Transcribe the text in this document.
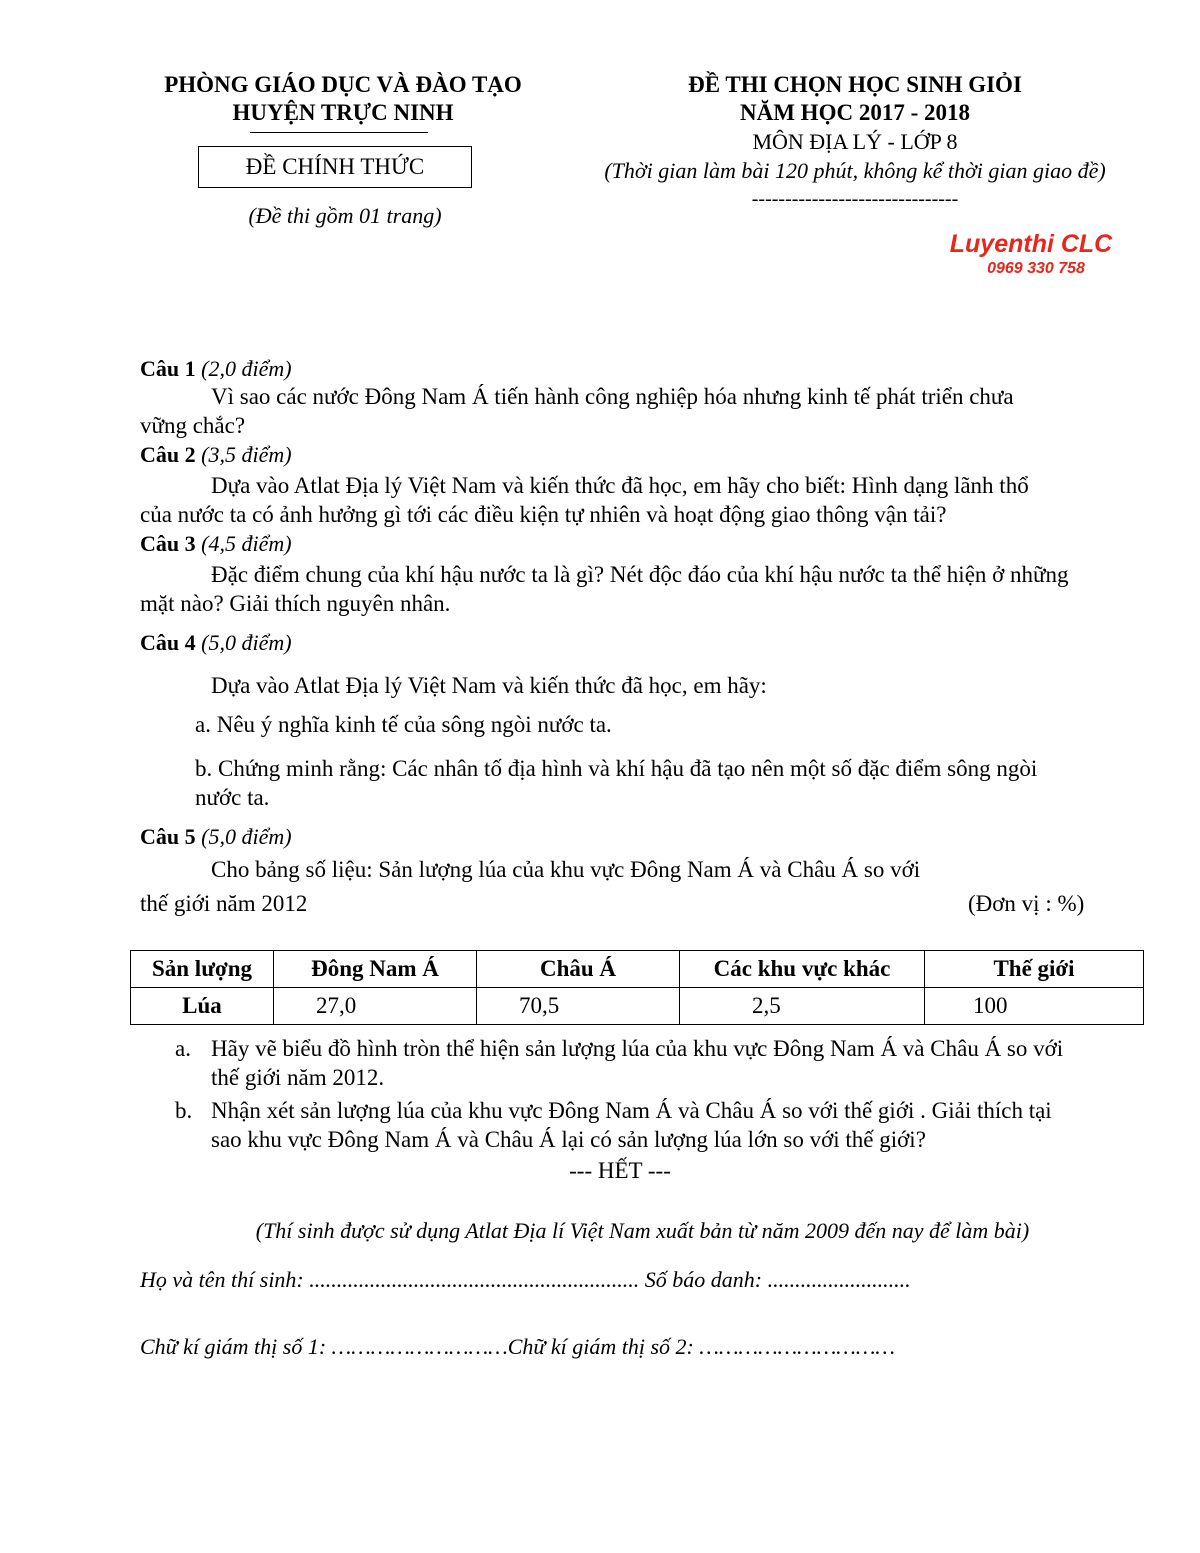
PHÒNG GIÁO DỤC VÀ ĐÀO TẠO
HUYỆN TRỰC NINH
ĐỀ CHÍNH THỨC
(Đề thi gồm 01 trang)
ĐỀ THI CHỌN HỌC SINH GIỎI
NĂM HỌC 2017 - 2018
MÔN ĐỊA LÝ - LỚP 8
(Thời gian làm bài 120 phút, không kể thời gian giao đề)
-------------------------------
Luyenthi CLC
0969 330 758
Câu 1 (2,0 điểm)
Vì sao các nước Đông Nam Á tiến hành công nghiệp hóa nhưng kinh tế phát triển chưa
vững chắc?
Câu 2 (3,5 điểm)
Dựa vào Atlat Địa lý Việt Nam và kiến thức đã học, em hãy cho biết: Hình dạng lãnh thổ
của nước ta có ảnh hưởng gì tới các điều kiện tự nhiên và hoạt động giao thông vận tải?
Câu 3 (4,5 điểm)
Đặc điểm chung của khí hậu nước ta là gì? Nét độc đáo của khí hậu nước ta thể hiện ở những
mặt nào? Giải thích nguyên nhân.
Câu 4 (5,0 điểm)
Dựa vào Atlat Địa lý Việt Nam và kiến thức đã học, em hãy:
a. Nêu ý nghĩa kinh tế của sông ngòi nước ta.
b. Chứng minh rằng: Các nhân tố địa hình và khí hậu đã tạo nên một số đặc điểm sông ngòi
nước ta.
Câu 5 (5,0 điểm)
Cho bảng số liệu: Sản lượng lúa của khu vực Đông Nam Á và Châu Á so với
thế giới năm 2012	(Đơn vị : %)
Sản lượng	Đông Nam Á	Châu Á	Các khu vực khác	Thế giới
Lúa	27,0	70,5	2,5	100
a. Hãy vẽ biểu đồ hình tròn thể hiện sản lượng lúa của khu vực Đông Nam Á và Châu Á so với
thế giới năm 2012.
b. Nhận xét sản lượng lúa của khu vực Đông Nam Á và Châu Á so với thế giới . Giải thích tại
sao khu vực Đông Nam Á và Châu Á lại có sản lượng lúa lớn so với thế giới?
--- HẾT ---
(Thí sinh được sử dụng Atlat Địa lí Việt Nam xuất bản từ năm 2009 đến nay để làm bài)
Họ và tên thí sinh: ............................................................ Số báo danh: ..........................
Chữ kí giám thị số 1: ………………………Chữ kí giám thị số 2: …………………………
